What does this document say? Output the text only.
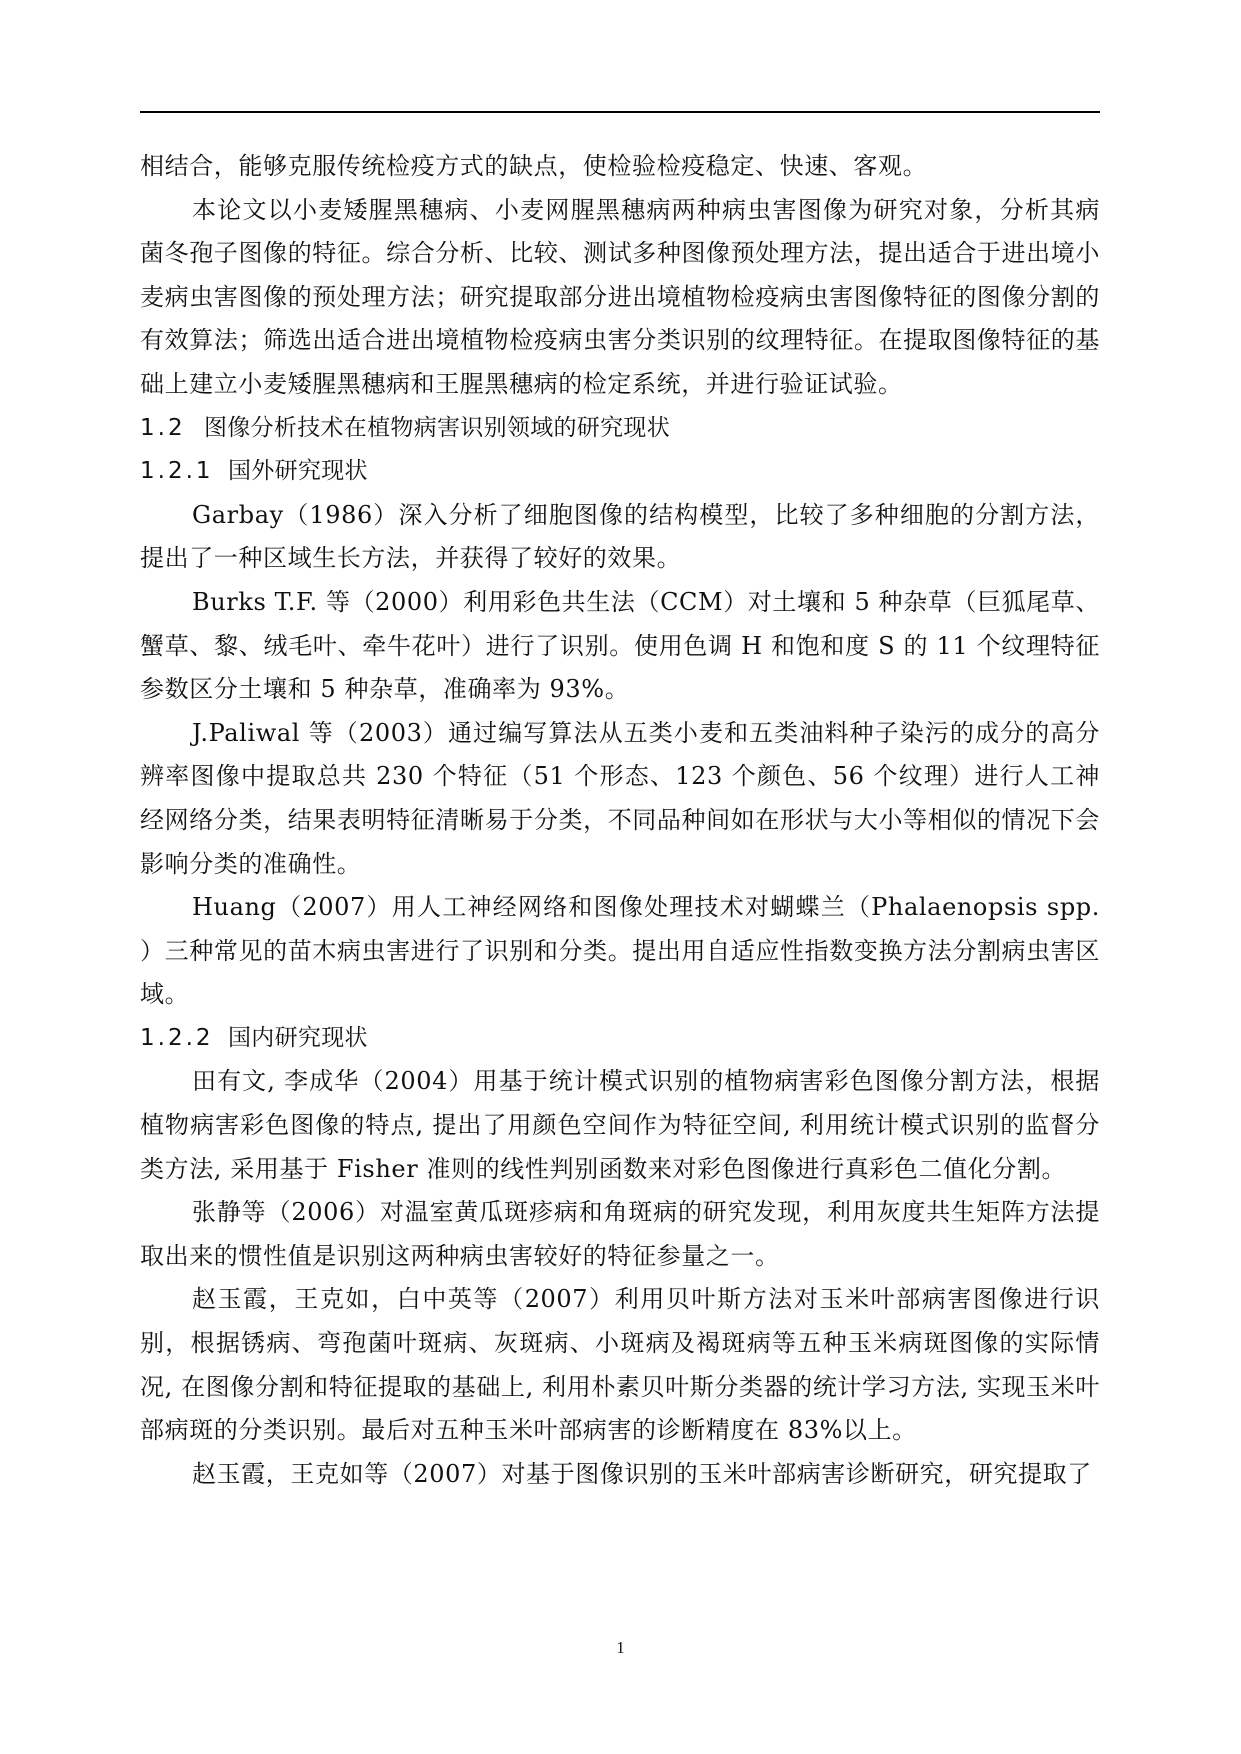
相结合，能够克服传统检疫方式的缺点，使检验检疫稳定、快速、客观。

本论文以小麦矮腥黑穗病、小麦网腥黑穗病两种病虫害图像为研究对象，分析其病菌冬孢子图像的特征。综合分析、比较、测试多种图像预处理方法，提出适合于进出境小麦病虫害图像的预处理方法；研究提取部分进出境植物检疫病虫害图像特征的图像分割的有效算法；筛选出适合进出境植物检疫病虫害分类识别的纹理特征。在提取图像特征的基础上建立小麦矮腥黑穗病和王腥黑穗病的检定系统，并进行验证试验。

1.2 图像分析技术在植物病害识别领域的研究现状

1.2.1 国外研究现状

Garbay（1986）深入分析了细胞图像的结构模型，比较了多种细胞的分割方法，提出了一种区域生长方法，并获得了较好的效果。

Burks T.F. 等（2000）利用彩色共生法（CCM）对土壤和 5 种杂草（巨狐尾草、蟹草、黎、绒毛叶、牵牛花叶）进行了识别。使用色调 H 和饱和度 S 的 11 个纹理特征参数区分土壤和 5 种杂草，准确率为 93%。

J.Paliwal 等（2003）通过编写算法从五类小麦和五类油料种子染污的成分的高分辨率图像中提取总共 230 个特征（51 个形态、123 个颜色、56 个纹理）进行人工神经网络分类，结果表明特征清晰易于分类，不同品种间如在形状与大小等相似的情况下会影响分类的准确性。

Huang（2007）用人工神经网络和图像处理技术对蝴蝶兰（Phalaenopsis spp. ）三种常见的苗木病虫害进行了识别和分类。提出用自适应性指数变换方法分割病虫害区域。

1.2.2 国内研究现状

田有文, 李成华（2004）用基于统计模式识别的植物病害彩色图像分割方法，根据植物病害彩色图像的特点, 提出了用颜色空间作为特征空间, 利用统计模式识别的监督分类方法, 采用基于 Fisher 准则的线性判别函数来对彩色图像进行真彩色二值化分割。

张静等（2006）对温室黄瓜斑疹病和角斑病的研究发现，利用灰度共生矩阵方法提取出来的惯性值是识别这两种病虫害较好的特征参量之一。

赵玉霞，王克如，白中英等（2007）利用贝叶斯方法对玉米叶部病害图像进行识别，根据锈病、弯孢菌叶斑病、灰斑病、小斑病及褐斑病等五种玉米病斑图像的实际情况, 在图像分割和特征提取的基础上, 利用朴素贝叶斯分类器的统计学习方法, 实现玉米叶部病斑的分类识别。最后对五种玉米叶部病害的诊断精度在 83%以上。

赵玉霞，王克如等（2007）对基于图像识别的玉米叶部病害诊断研究，研究提取了

1
